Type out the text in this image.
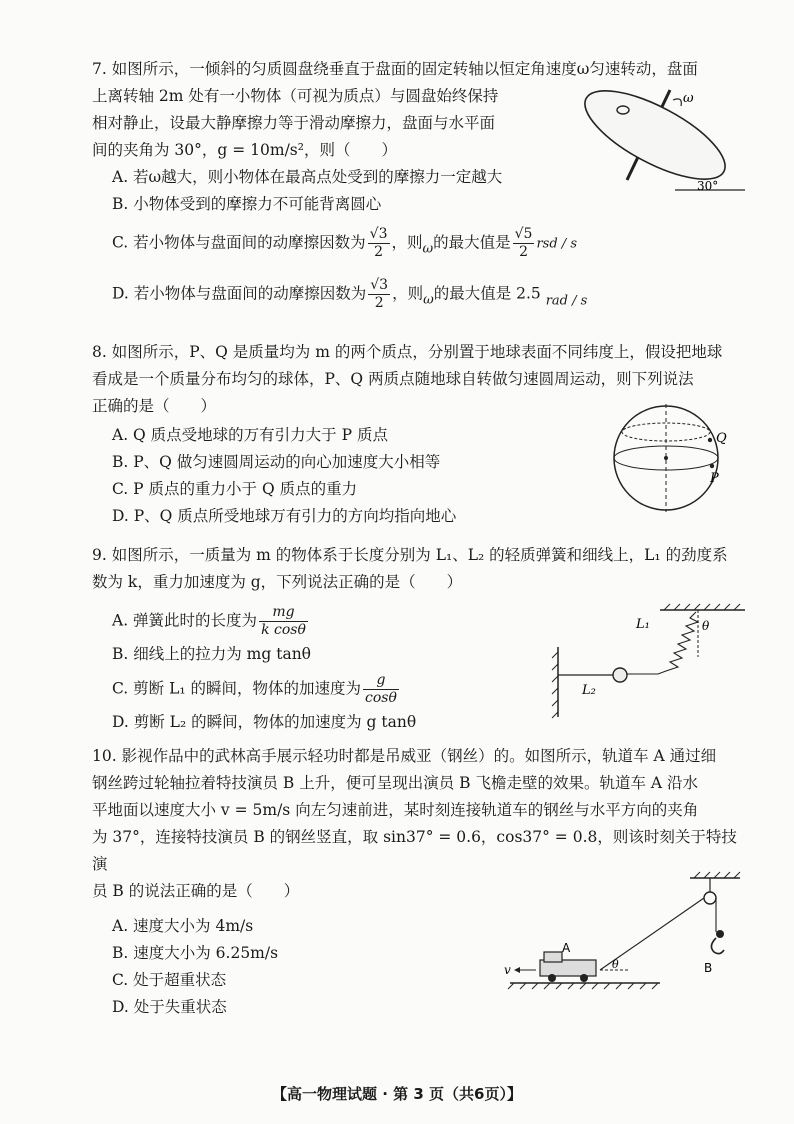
7. 如图所示，一倾斜的匀质圆盘绕垂直于盘面的固定转轴以恒定角速度ω匀速转动，盘面

上离转轴 2m 处有一小物体（可视为质点）与圆盘始终保持

相对静止，设最大静摩擦力等于滑动摩擦力，盘面与水平面

间的夹角为 30°，g = 10m/s²，则（　　）

A. 若ω越大，则小物体在最高点处受到的摩擦力一定越大

B. 小物体受到的摩擦力不可能背离圆心

C. 若小物体与盘面间的动摩擦因数为 $\frac{√3}{2}$ ，则$_\omega$的最大值是 $\frac{√5}{2}$ rsd / s

D. 若小物体与盘面间的动摩擦因数为 $\frac{√3}{2}$ ，则$_\omega$的最大值是 2.5 $_{rad / s}$

ω
30°

8. 如图所示，P、Q 是质量均为 m 的两个质点，分别置于地球表面不同纬度上，假设把地球

看成是一个质量分布均匀的球体，P、Q 两质点随地球自转做匀速圆周运动，则下列说法

正确的是（　　）

A. Q 质点受地球的万有引力大于 P 质点

B. P、Q 做匀速圆周运动的向心加速度大小相等

C. P 质点的重力小于 Q 质点的重力

D. P、Q 质点所受地球万有引力的方向均指向地心

Q
P

9. 如图所示，一质量为 m 的物体系于长度分别为 L₁、L₂ 的轻质弹簧和细线上，L₁ 的劲度系

数为 k，重力加速度为 g，下列说法正确的是（　　）

A. 弹簧此时的长度为 $\frac{mg}{\text{k cosθ}}$

B. 细线上的拉力为 mg tanθ

C. 剪断 L₁ 的瞬间，物体的加速度为 $\frac{g}{\cos\theta}$

D. 剪断 L₂ 的瞬间，物体的加速度为 g tanθ

L₁
L₂
θ

10. 影视作品中的武林高手展示轻功时都是吊威亚（钢丝）的。如图所示，轨道车 A 通过细

钢丝跨过轮轴拉着特技演员 B 上升，便可呈现出演员 B 飞檐走壁的效果。轨道车 A 沿水

平地面以速度大小 v = 5m/s 向左匀速前进，某时刻连接轨道车的钢丝与水平方向的夹角

为 37°，连接特技演员 B 的钢丝竖直，取 sin37° = 0.6，cos37° = 0.8，则该时刻关于特技演

员 B 的说法正确的是（　　）

A. 速度大小为 4m/s

B. 速度大小为 6.25m/s

C. 处于超重状态

D. 处于失重状态

B
A
θ
v
【高一物理试题 · 第 3 页（共6页）】
